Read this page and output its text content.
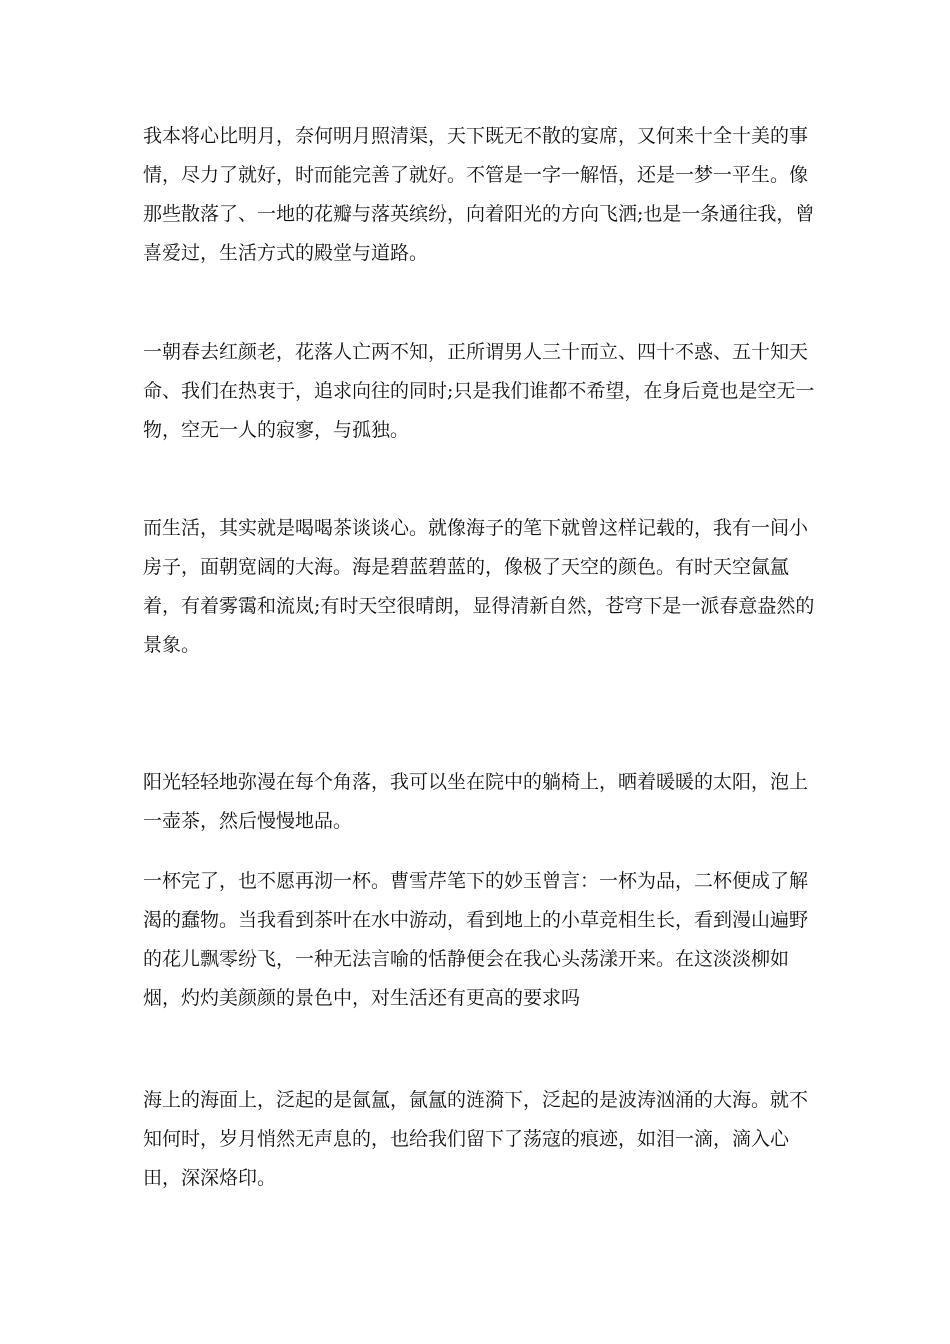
我本将心比明月，奈何明月照清渠，天下既无不散的宴席，又何来十全十美的事情，尽力了就好，时而能完善了就好。不管是一字一解悟，还是一梦一平生。像那些散落了、一地的花瓣与落英缤纷，向着阳光的方向飞洒;也是一条通往我，曾喜爱过，生活方式的殿堂与道路。

一朝春去红颜老，花落人亡两不知，正所谓男人三十而立、四十不惑、五十知天命、我们在热衷于，追求向往的同时;只是我们谁都不希望，在身后竟也是空无一物，空无一人的寂寥，与孤独。

而生活，其实就是喝喝茶谈谈心。就像海子的笔下就曾这样记载的，我有一间小房子，面朝宽阔的大海。海是碧蓝碧蓝的，像极了天空的颜色。有时天空氤氲着，有着雾霭和流岚;有时天空很晴朗，显得清新自然，苍穹下是一派春意盎然的景象。

阳光轻轻地弥漫在每个角落，我可以坐在院中的躺椅上，晒着暖暖的太阳，泡上一壶茶，然后慢慢地品。

一杯完了，也不愿再沏一杯。曹雪芹笔下的妙玉曾言：一杯为品，二杯便成了解渴的蠢物。当我看到茶叶在水中游动，看到地上的小草竞相生长，看到漫山遍野的花儿飘零纷飞，一种无法言喻的恬静便会在我心头荡漾开来。在这淡淡柳如烟，灼灼美颜颜的景色中，对生活还有更高的要求吗

海上的海面上，泛起的是氤氲，氤氲的涟漪下，泛起的是波涛汹涌的大海。就不知何时，岁月悄然无声息的，也给我们留下了荡寇的痕迹，如泪一滴，滴入心田，深深烙印。
